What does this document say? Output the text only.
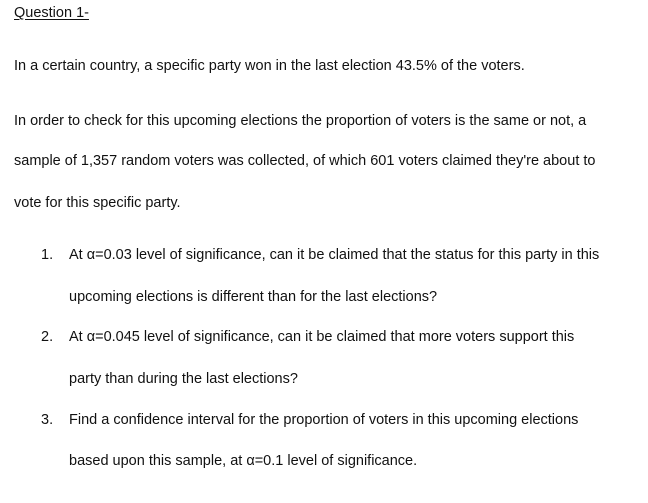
Question 1-
In a certain country, a specific party won in the last election 43.5% of the voters.
In order to check for this upcoming elections the proportion of voters is the same or not, a
sample of 1,357 random voters was collected, of which 601 voters claimed they're about to
vote for this specific party.
1. At α=0.03 level of significance, can it be claimed that the status for this party in this
upcoming elections is different than for the last elections?
2. At α=0.045 level of significance, can it be claimed that more voters support this
party than during the last elections?
3. Find a confidence interval for the proportion of voters in this upcoming elections
based upon this sample, at α=0.1 level of significance.
